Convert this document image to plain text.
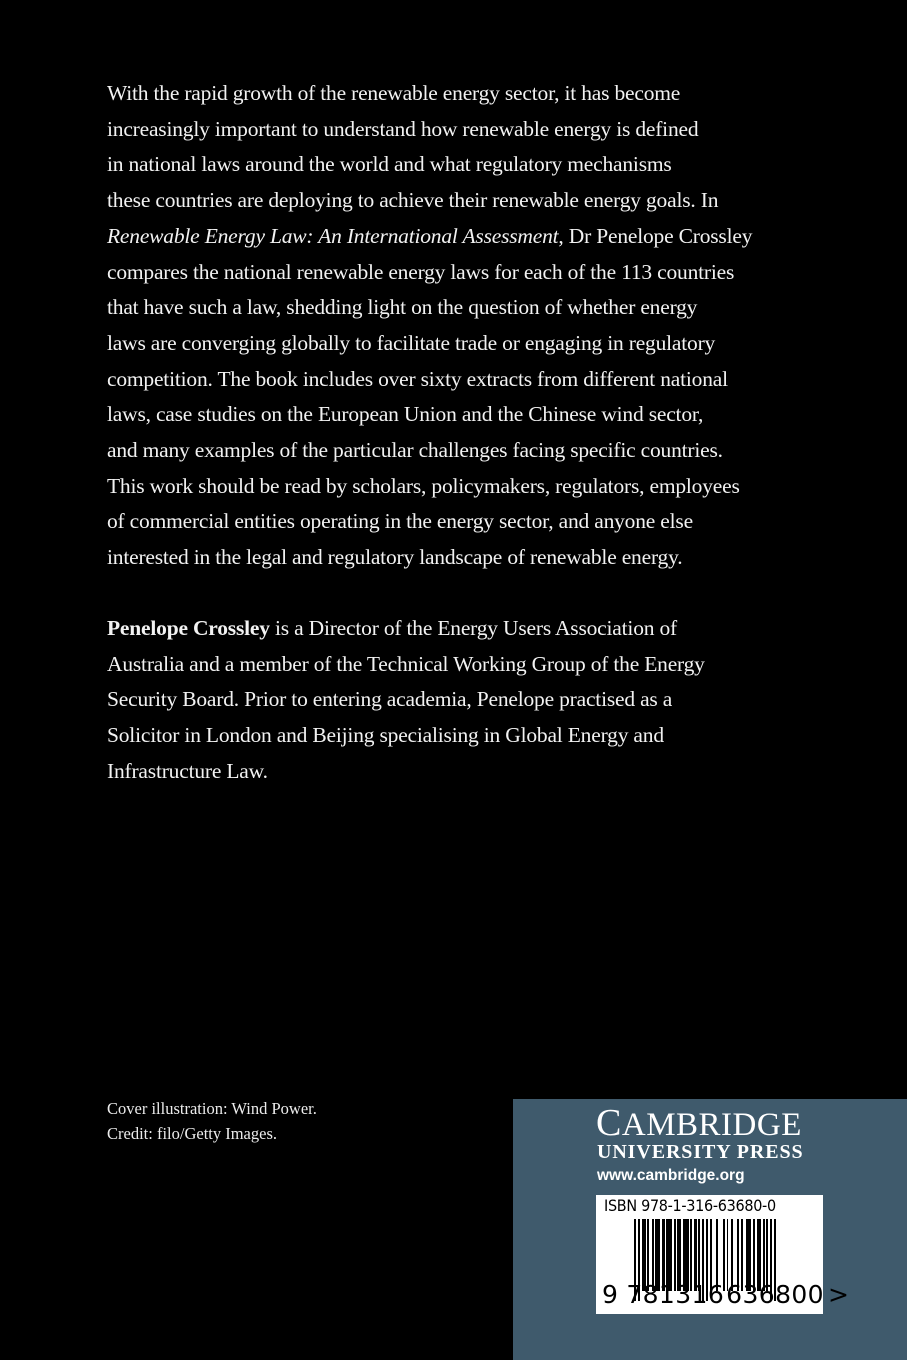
With the rapid growth of the renewable energy sector, it has become
increasingly important to understand how renewable energy is defined
in national laws around the world and what regulatory mechanisms
these countries are deploying to achieve their renewable energy goals. In
Renewable Energy Law: An International Assessment, Dr Penelope Crossley
compares the national renewable energy laws for each of the 113 countries
that have such a law, shedding light on the question of whether energy
laws are converging globally to facilitate trade or engaging in regulatory
competition. The book includes over sixty extracts from different national
laws, case studies on the European Union and the Chinese wind sector,
and many examples of the particular challenges facing specific countries.
This work should be read by scholars, policymakers, regulators, employees
of commercial entities operating in the energy sector, and anyone else
interested in the legal and regulatory landscape of renewable energy.
Penelope Crossley is a Director of the Energy Users Association of
Australia and a member of the Technical Working Group of the Energy
Security Board. Prior to entering academia, Penelope practised as a
Solicitor in London and Beijing specialising in Global Energy and
Infrastructure Law.
Cover illustration: Wind Power.
Credit: filo/Getty Images.	CAMBRIDGE
UNIVERSITY PRESS
www.cambridge.org
ISBN 978-1-316-63680-0
9 781316636800 >
